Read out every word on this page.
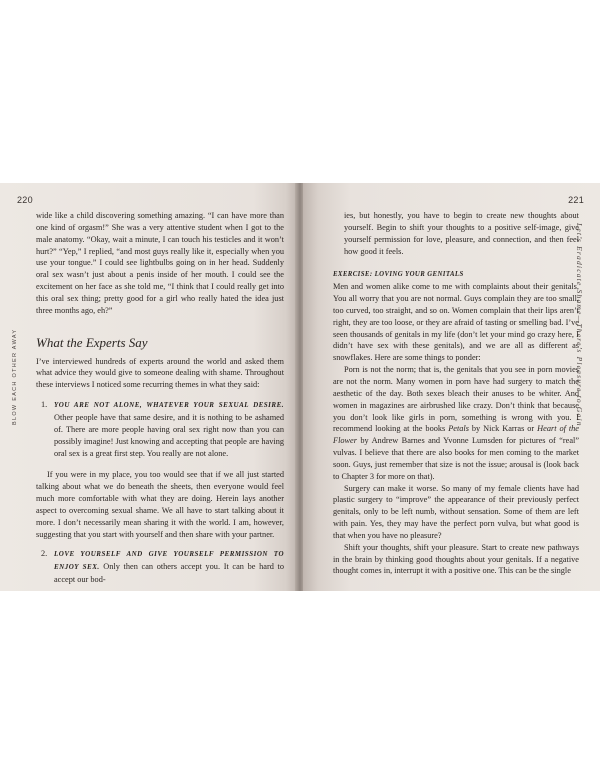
220
BLOW EACH OTHER AWAY

wide like a child discovering something amazing. “I can have more than one kind of orgasm!” She was a very attentive student when I got to the male anatomy. “Okay, wait a minute, I can touch his testicles and it won’t hurt?” “Yep,” I replied, “and most guys really like it, especially when you use your tongue.” I could see lightbulbs going on in her head. Suddenly oral sex wasn’t just about a penis inside of her mouth. I could see the excitement on her face as she told me, “I think that I could really get into this oral sex thing; pretty good for a girl who really hated the idea just three months ago, eh?”

What the Experts Say

I’ve interviewed hundreds of experts around the world and asked them what advice they would give to someone dealing with shame. Throughout these interviews I noticed some recurring themes in what they said:

1. YOU ARE NOT ALONE, WHATEVER YOUR SEXUAL DESIRE. Other people have that same desire, and it is nothing to be ashamed of. There are more people having oral sex right now than you can possibly imagine! Just knowing and accepting that people are having oral sex is a great first step. You really are not alone.

If you were in my place, you too would see that if we all just started talking about what we do beneath the sheets, then everyone would feel much more comfortable with what they are doing. Herein lays another aspect to overcoming sexual shame. We all have to start talking about it more. I don’t necessarily mean sharing it with the world. I am, however, suggesting that you start with yourself and then share with your partner.

2. LOVE YOURSELF AND GIVE YOURSELF PERMISSION TO ENJOY SEX. Only then can others accept you. It can be hard to accept our bod-
221
Let’s Eradicate Shame—There’s Pleasure to Gain

ies, but honestly, you have to begin to create new thoughts about yourself. Begin to shift your thoughts to a positive self-image, give yourself permission for love, pleasure, and connection, and then feel how good it feels.

EXERCISE: LOVING YOUR GENITALS

Men and women alike come to me with complaints about their genitals. You all worry that you are not normal. Guys complain they are too small, too curved, too straight, and so on. Women complain that their lips aren’t right, they are too loose, or they are afraid of tasting or smelling bad. I’ve seen thousands of genitals in my life (don’t let your mind go crazy here, I didn’t have sex with these genitals), and we are all as different as snowflakes. Here are some things to ponder:

Porn is not the norm; that is, the genitals that you see in porn movies are not the norm. Many women in porn have had surgery to match the aesthetic of the day. Both sexes bleach their anuses to be whiter. And women in magazines are airbrushed like crazy. Don’t think that because you don’t look like girls in porn, something is wrong with you. I recommend looking at the books Petals by Nick Karras or Heart of the Flower by Andrew Barnes and Yvonne Lumsden for pictures of “real” vulvas. I believe that there are also books for men coming to the market soon. Guys, just remember that size is not the issue; arousal is (look back to Chapter 3 for more on that).

Surgery can make it worse. So many of my female clients have had plastic surgery to “improve” the appearance of their previously perfect genitals, only to be left numb, without sensation. Some of them are left with pain. Yes, they may have the perfect porn vulva, but what good is that when you have no pleasure?

Shift your thoughts, shift your pleasure. Start to create new pathways in the brain by thinking good thoughts about your genitals. If a negative thought comes in, interrupt it with a positive one. This can be the single
